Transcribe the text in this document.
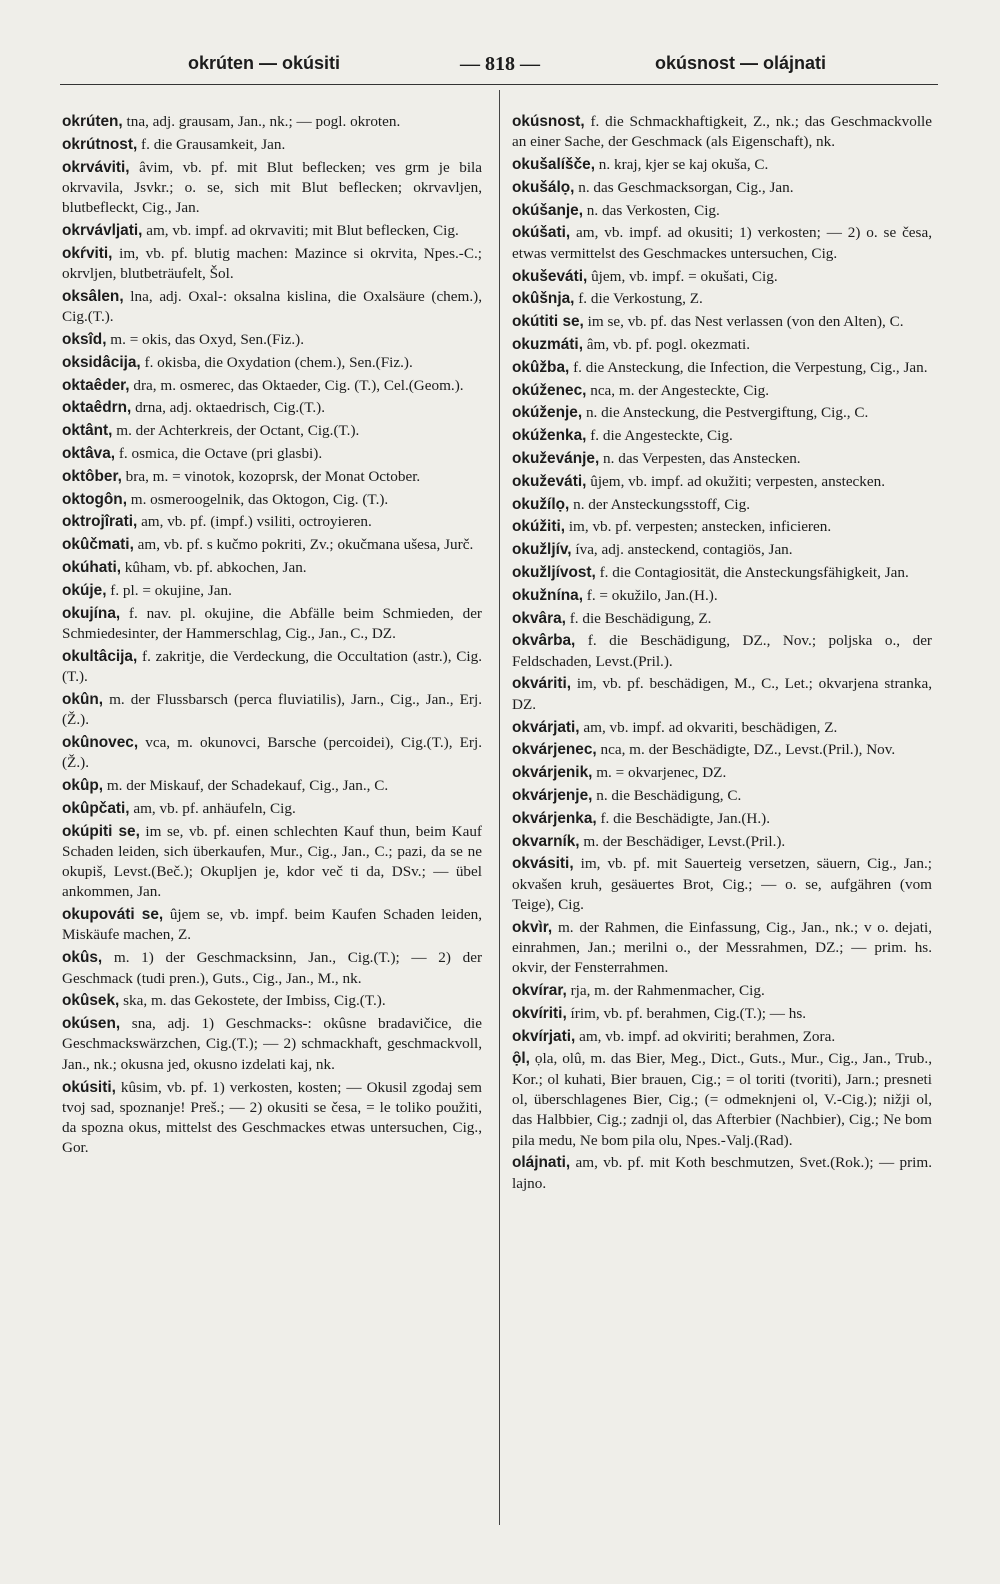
okrúten — okúsiti	— 818 —	okúsnost — olájnati

okrúten, tna, adj. grausam, Jan., nk.; — pogl. okroten.

okrútnost, f. die Grausamkeit, Jan.

okrváviti, âvim, vb. pf. mit Blut beflecken; ves grm je bila okrvavila, Jsvkr.; o. se, sich mit Blut beflecken; okrvavljen, blutbefleckt, Cig., Jan.

okrvávljati, am, vb. impf. ad okrvaviti; mit Blut beflecken, Cig.

okŕviti, im, vb. pf. blutig machen: Mazince si okrvita, Npes.-C.; okrvljen, blutbeträufelt, Šol.

oksâlen, lna, adj. Oxal-: oksalna kislina, die Oxalsäure (chem.), Cig.(T.).

oksîd, m. = okis, das Oxyd, Sen.(Fiz.).

oksidâcija, f. okisba, die Oxydation (chem.), Sen.(Fiz.).

oktaêder, dra, m. osmerec, das Oktaeder, Cig. (T.), Cel.(Geom.).

oktaêdrn, drna, adj. oktaedrisch, Cig.(T.).

oktânt, m. der Achterkreis, der Octant, Cig.(T.).

oktâva, f. osmica, die Octave (pri glasbi).

oktôber, bra, m. = vinotok, kozoprsk, der Monat October.

oktogôn, m. osmeroogelnik, das Oktogon, Cig. (T.).

oktrojîrati, am, vb. pf. (impf.) vsiliti, octroyieren.

okûčmati, am, vb. pf. s kučmo pokriti, Zv.; okučmana ušesa, Jurč.

okúhati, kûham, vb. pf. abkochen, Jan.

okúje, f. pl. = okujine, Jan.

okujína, f. nav. pl. okujine, die Abfälle beim Schmieden, der Schmiedesinter, der Hammerschlag, Cig., Jan., C., DZ.

okultâcija, f. zakritje, die Verdeckung, die Occultation (astr.), Cig.(T.).

okûn, m. der Flussbarsch (perca fluviatilis), Jarn., Cig., Jan., Erj.(Ž.).

okûnovec, vca, m. okunovci, Barsche (percoidei), Cig.(T.), Erj.(Ž.).

okûp, m. der Miskauf, der Schadekauf, Cig., Jan., C.

okûpčati, am, vb. pf. anhäufeln, Cig.

okúpiti se, im se, vb. pf. einen schlechten Kauf thun, beim Kauf Schaden leiden, sich überkaufen, Mur., Cig., Jan., C.; pazi, da se ne okupiš, Levst.(Beč.); Okupljen je, kdor več ti da, DSv.; — übel ankommen, Jan.

okupováti se, ûjem se, vb. impf. beim Kaufen Schaden leiden, Miskäufe machen, Z.

okûs, m. 1) der Geschmacksinn, Jan., Cig.(T.); — 2) der Geschmack (tudi pren.), Guts., Cig., Jan., M., nk.

okûsek, ska, m. das Gekostete, der Imbiss, Cig.(T.).

okúsen, sna, adj. 1) Geschmacks-: okûsne bradavičice, die Geschmackswärzchen, Cig.(T.); — 2) schmackhaft, geschmackvoll, Jan., nk.; okusna jed, okusno izdelati kaj, nk.

okúsiti, kûsim, vb. pf. 1) verkosten, kosten; — Okusil zgodaj sem tvoj sad, spoznanje! Preš.; — 2) okusiti se česa, = le toliko použiti, da spozna okus, mittelst des Geschmackes etwas untersuchen, Cig., Gor.

okúsnost, f. die Schmackhaftigkeit, Z., nk.; das Geschmackvolle an einer Sache, der Geschmack (als Eigenschaft), nk.

okušalíšče, n. kraj, kjer se kaj okuša, C.

okušálọ, n. das Geschmacksorgan, Cig., Jan.

okúšanje, n. das Verkosten, Cig.

okúšati, am, vb. impf. ad okusiti; 1) verkosten; — 2) o. se česa, etwas vermittelst des Geschmackes untersuchen, Cig.

okuševáti, ûjem, vb. impf. = okušati, Cig.

okûšnja, f. die Verkostung, Z.

okútiti se, im se, vb. pf. das Nest verlassen (von den Alten), C.

okuzmáti, âm, vb. pf. pogl. okezmati.

okûžba, f. die Ansteckung, die Infection, die Verpestung, Cig., Jan.

okúženec, nca, m. der Angesteckte, Cig.

okúženje, n. die Ansteckung, die Pestvergiftung, Cig., C.

okúženka, f. die Angesteckte, Cig.

okuževánje, n. das Verpesten, das Anstecken.

okuževáti, ûjem, vb. impf. ad okužiti; verpesten, anstecken.

okužílọ, n. der Ansteckungsstoff, Cig.

okúžiti, im, vb. pf. verpesten; anstecken, inficieren.

okužljív, íva, adj. ansteckend, contagiös, Jan.

okužljívost, f. die Contagiosität, die Ansteckungsfähigkeit, Jan.

okužnína, f. = okužilo, Jan.(H.).

okvâra, f. die Beschädigung, Z.

okvârba, f. die Beschädigung, DZ., Nov.; poljska o., der Feldschaden, Levst.(Pril.).

okváriti, im, vb. pf. beschädigen, M., C., Let.; okvarjena stranka, DZ.

okvárjati, am, vb. impf. ad okvariti, beschädigen, Z.

okvárjenec, nca, m. der Beschädigte, DZ., Levst.(Pril.), Nov.

okvárjenik, m. = okvarjenec, DZ.

okvárjenje, n. die Beschädigung, C.

okvárjenka, f. die Beschädigte, Jan.(H.).

okvarník, m. der Beschädiger, Levst.(Pril.).

okvásiti, im, vb. pf. mit Sauerteig versetzen, säuern, Cig., Jan.; okvašen kruh, gesäuertes Brot, Cig.; — o. se, aufgähren (vom Teige), Cig.

okvìr, m. der Rahmen, die Einfassung, Cig., Jan., nk.; v o. dejati, einrahmen, Jan.; merilni o., der Messrahmen, DZ.; — prim. hs. okvir, der Fensterrahmen.

okvírar, rja, m. der Rahmenmacher, Cig.

okvíriti, írim, vb. pf. berahmen, Cig.(T.); — hs.

okvírjati, am, vb. impf. ad okviriti; berahmen, Zora.

ọ̑l, ọla, olû, m. das Bier, Meg., Dict., Guts., Mur., Cig., Jan., Trub., Kor.; ol kuhati, Bier brauen, Cig.; = ol toriti (tvoriti), Jarn.; presneti ol, überschlagenes Bier, Cig.; (= odmeknjeni ol, V.-Cig.); nižji ol, das Halbbier, Cig.; zadnji ol, das Afterbier (Nachbier), Cig.; Ne bom pila medu, Ne bom pila olu, Npes.-Valj.(Rad).

olájnati, am, vb. pf. mit Koth beschmutzen, Svet.(Rok.); — prim. lajno.
